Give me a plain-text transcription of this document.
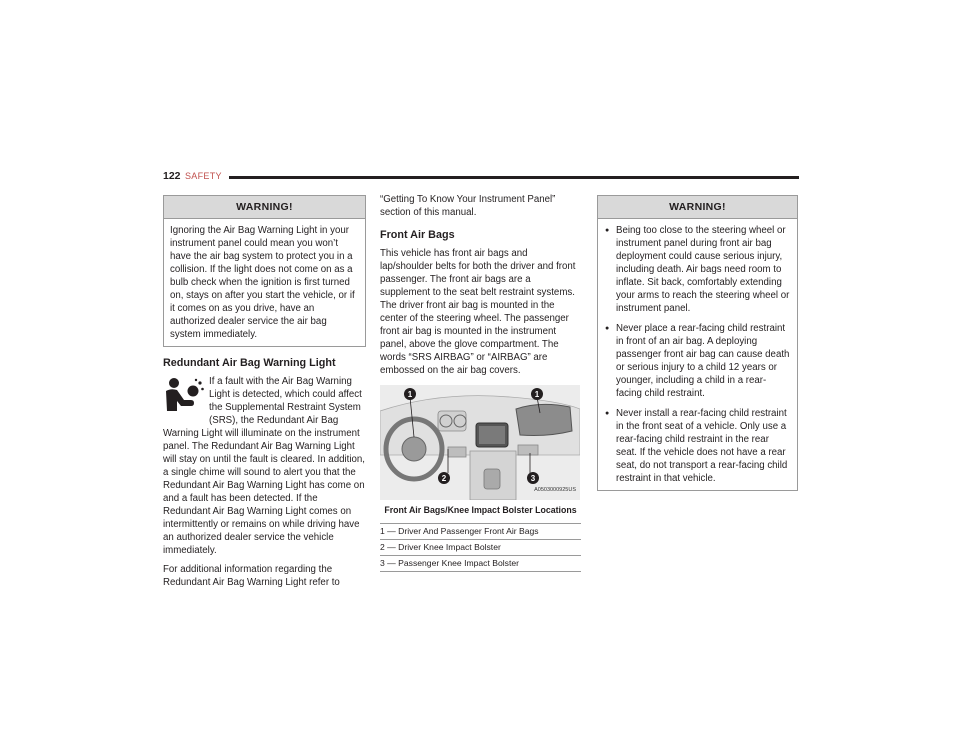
122 SAFETY
WARNING!
Ignoring the Air Bag Warning Light in your instrument panel could mean you won’t have the air bag system to protect you in a collision. If the light does not come on as a bulb check when the ignition is first turned on, stays on after you start the vehicle, or if it comes on as you drive, have an authorized dealer service the air bag system immediately.
Redundant Air Bag Warning Light

If a fault with the Air Bag Warning Light is detected, which could affect the Supplemental Restraint System (SRS), the Redundant Air Bag Warning Light will illuminate on the instrument panel. The Redundant Air Bag Warning Light will stay on until the fault is cleared. In addition, a single chime will sound to alert you that the Redundant Air Bag Warning Light has come on and a fault has been detected. If the Redundant Air Bag Warning Light comes on intermittently or remains on while driving have an authorized dealer service the vehicle immediately.

For additional information regarding the Redundant Air Bag Warning Light refer to

“Getting To Know Your Instrument Panel” section of this manual.

Front Air Bags

This vehicle has front air bags and lap/shoulder belts for both the driver and front passenger. The front air bags are a supplement to the seat belt restraint systems. The driver front air bag is mounted in the center of the steering wheel. The passenger front air bag is mounted in the instrument panel, above the glove compartment. The words “SRS AIRBAG” or “AIRBAG” are embossed on the air bag covers.

1	1
2	3
A0503000925US
Front Air Bags/Knee Impact Bolster Locations
1 — Driver And Passenger Front Air Bags
2 — Driver Knee Impact Bolster
3 — Passenger Knee Impact Bolster
WARNING!
● Being too close to the steering wheel or instrument panel during front air bag deployment could cause serious injury, including death. Air bags need room to inflate. Sit back, comfortably extending your arms to reach the steering wheel or instrument panel.
● Never place a rear-facing child restraint in front of an air bag. A deploying passenger front air bag can cause death or serious injury to a child 12 years or younger, including a child in a rear-facing child restraint.
● Never install a rear-facing child restraint in the front seat of a vehicle. Only use a rear-facing child restraint in the rear seat. If the vehicle does not have a rear seat, do not transport a rear-facing child restraint in that vehicle.
